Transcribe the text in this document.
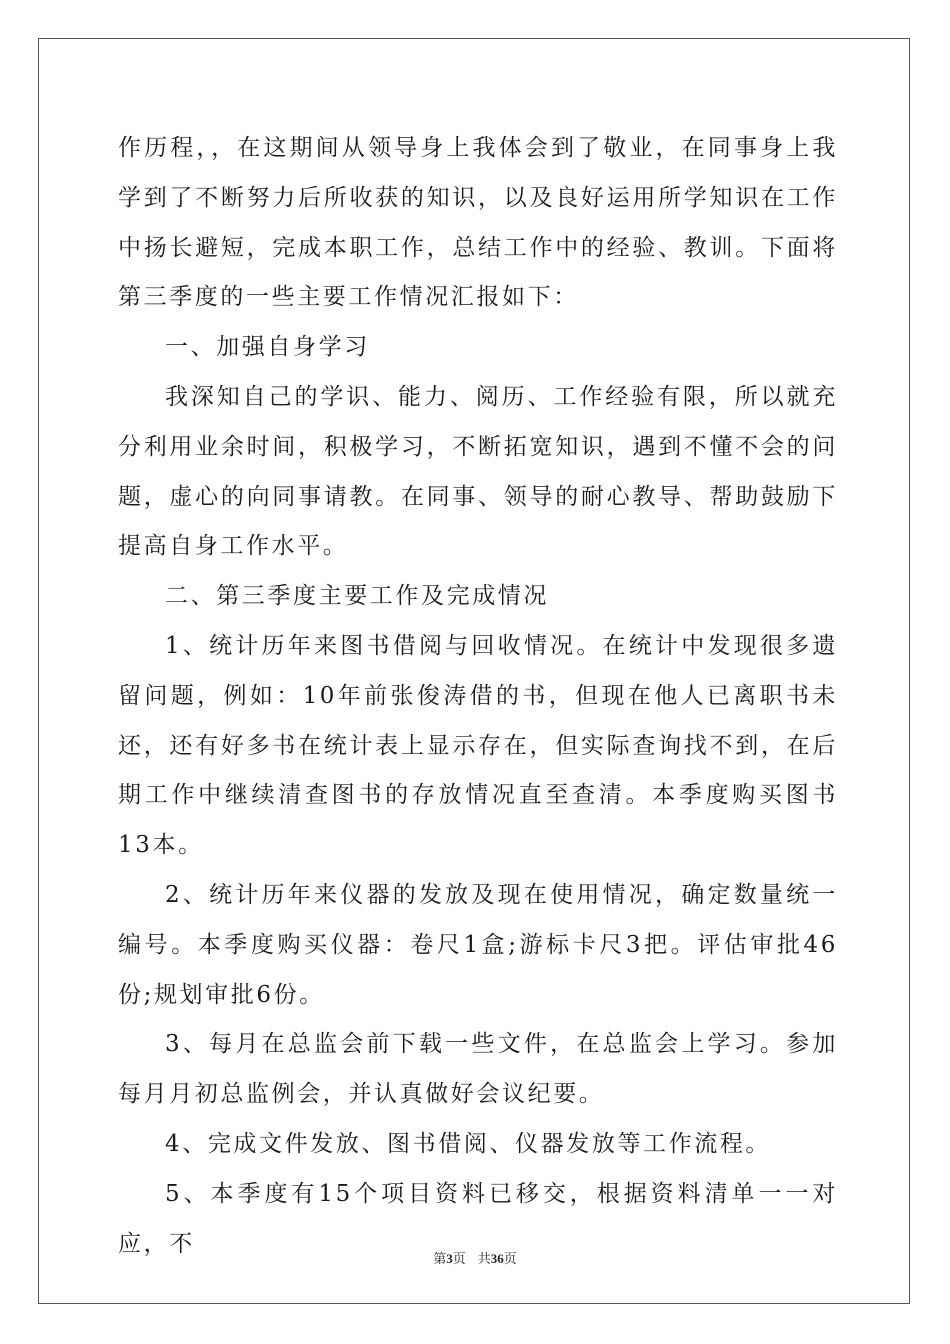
作历程，，在这期间从领导身上我体会到了敬业，在同事身上我学到了不断努力后所收获的知识，以及良好运用所学知识在工作中扬长避短，完成本职工作，总结工作中的经验、教训。下面将第三季度的一些主要工作情况汇报如下：

一、加强自身学习

我深知自己的学识、能力、阅历、工作经验有限，所以就充分利用业余时间，积极学习，不断拓宽知识，遇到不懂不会的问题，虚心的向同事请教。在同事、领导的耐心教导、帮助鼓励下提高自身工作水平。

二、第三季度主要工作及完成情况

1、统计历年来图书借阅与回收情况。在统计中发现很多遗留问题，例如：10年前张俊涛借的书，但现在他人已离职书未还，还有好多书在统计表上显示存在，但实际查询找不到，在后期工作中继续清查图书的存放情况直至查清。本季度购买图书13本。

2、统计历年来仪器的发放及现在使用情况，确定数量统一编号。本季度购买仪器：卷尺1盒;游标卡尺3把。评估审批46份;规划审批6份。

3、每月在总监会前下载一些文件，在总监会上学习。参加每月月初总监例会，并认真做好会议纪要。

4、完成文件发放、图书借阅、仪器发放等工作流程。

5、本季度有15个项目资料已移交，根据资料清单一一对应，不

第3页 共36页
